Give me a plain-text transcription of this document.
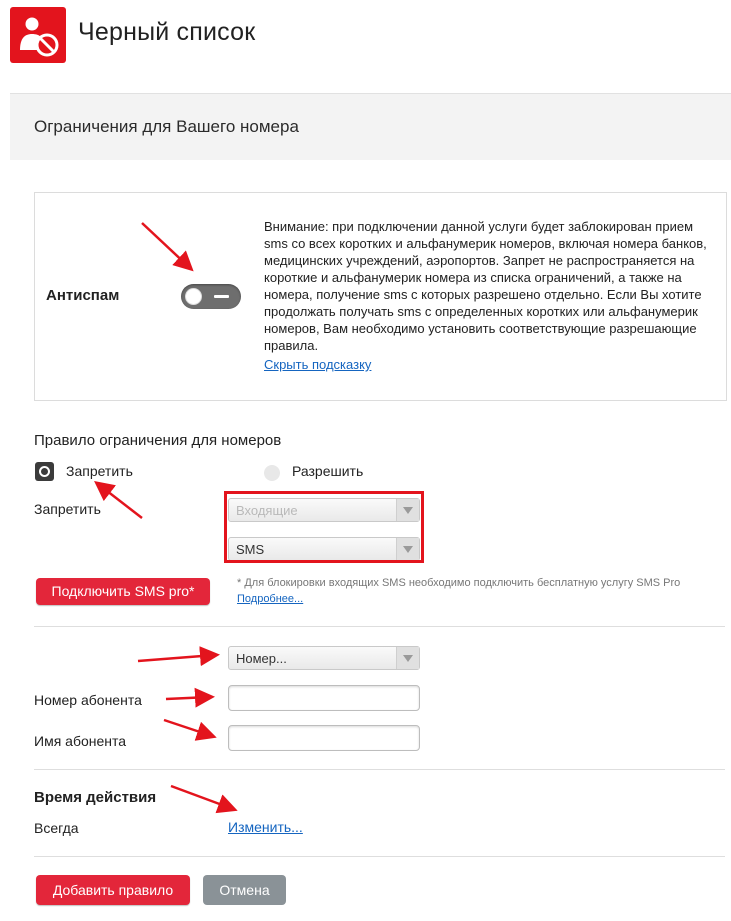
Черный список
Ограничения для Вашего номера
Антиспам
Внимание: при подключении данной услуги будет заблокирован прием sms со всех коротких и альфанумерик номеров, включая номера банков, медицинских учреждений, аэропортов. Запрет не распространяется на короткие и альфанумерик номера из списка ограничений, а также на номера, получение sms с которых разрешено отдельно. Если Вы хотите продолжать получать sms с определенных коротких или альфанумерик номеров, Вам необходимо установить соответствующие разрешающие правила.
Скрыть подсказку
Правило ограничения для номеров
Запретить	Разрешить
Запретить	Входящие
SMS
Подключить SMS pro*	* Для блокировки входящих SMS необходимо подключить бесплатную услугу SMS Pro
Подробнее...
Номер...
Номер абонента
Имя абонента
Время действия
Всегда	Изменить...
Добавить правило	Отмена
